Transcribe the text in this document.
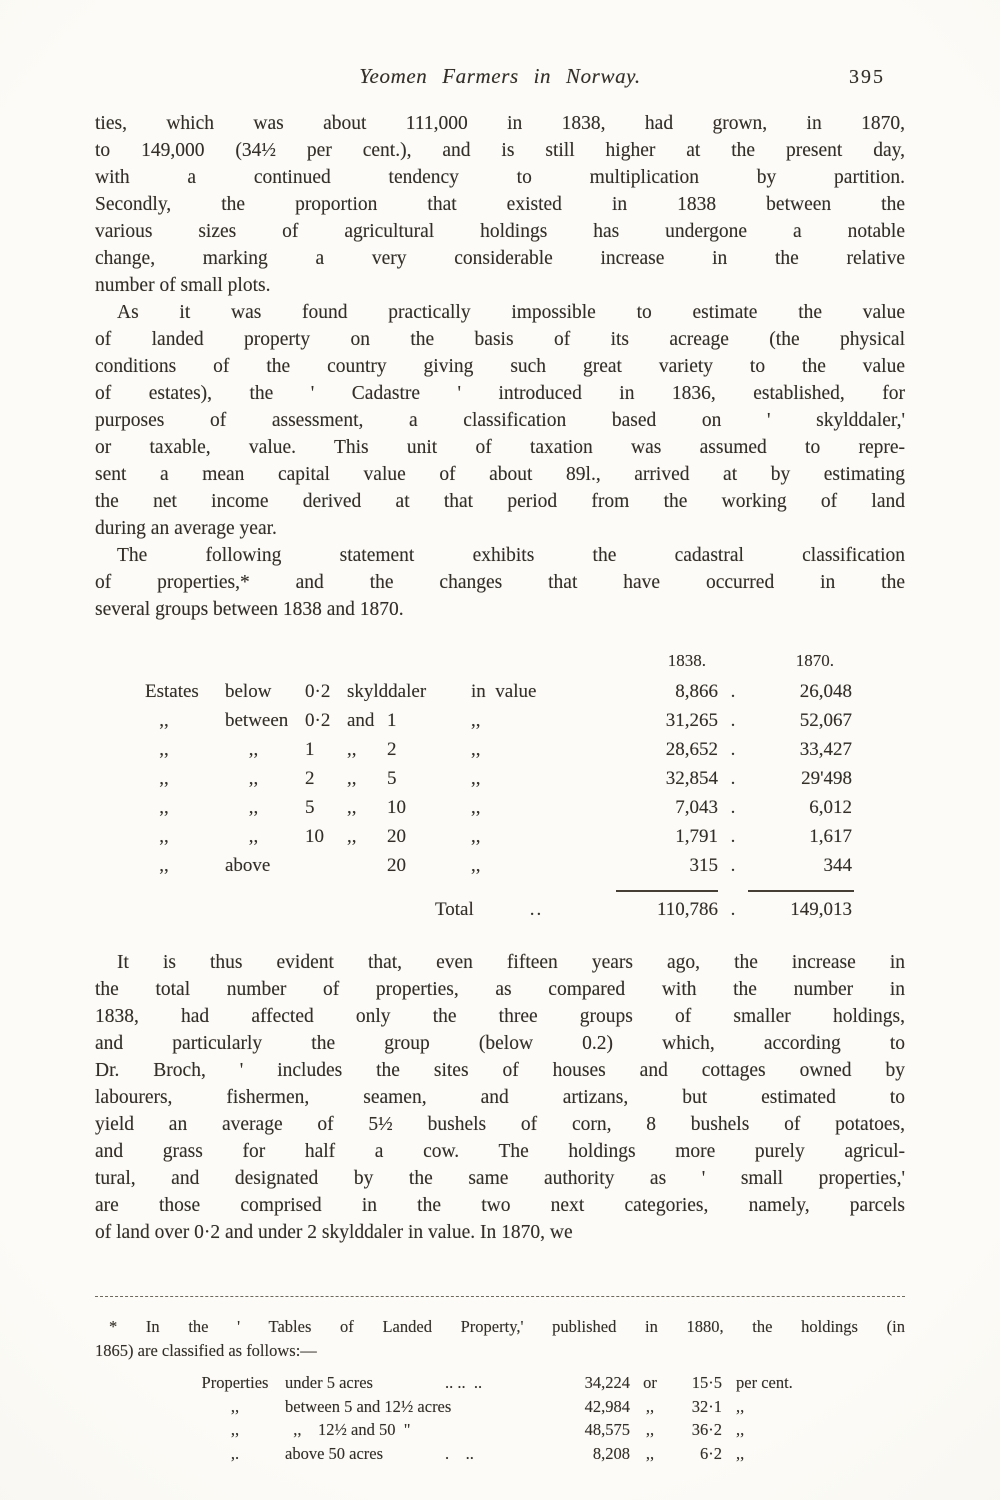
Yeomen Farmers in Norway.	395
ties, which was about 111,000 in 1838, had grown, in 1870,
to 149,000 (34½ per cent.), and is still higher at the present day,
with a continued tendency to multiplication by partition.
Secondly, the proportion that existed in 1838 between the
various sizes of agricultural holdings has undergone a notable
change, marking a very considerable increase in the relative
number of small plots.
As it was found practically impossible to estimate the value
of landed property on the basis of its acreage (the physical
conditions of the country giving such great variety to the value
of estates), the ' Cadastre ' introduced in 1836, established, for
purposes of assessment, a classification based on ' skylddaler,'
or taxable, value. This unit of taxation was assumed to repre-
sent a mean capital value of about 89l., arrived at by estimating
the net income derived at that period from the working of land
during an average year.
The following statement exhibits the cadastral classification
of properties,* and the changes that have occurred in the
several groups between 1838 and 1870.
1838.	1870.
Estates	below	0·2 skylddaler	in  value	8,866 .	26,048
,,	between 0·2 and 1	,,	31,265 .	52,067
,,	,,	1	,,	2	,,	28,652 .	33,427
,,	,,	2	,,	5	,,	32,854 .	29'498
,,	,,	5	,,	10	,,	7,043 .	6,012
,,	,,	10	,,	20	,,	1,791 .	1,617
,,	above	20	,,	315 .	344
Total	..	110,786 .	149,013
It is thus evident that, even fifteen years ago, the increase in
the total number of properties, as compared with the number in
1838, had affected only the three groups of smaller holdings,
and particularly the group (below 0.2) which, according to
Dr. Broch, ' includes the sites of houses and cottages owned by
labourers, fishermen, seamen, and artizans, but estimated to
yield an average of 5½ bushels of corn, 8 bushels of potatoes,
and grass for half a cow. The holdings more purely agricul-
tural, and designated by the same authority as ' small properties,'
are those comprised in the two next categories, namely, parcels
of land over 0·2 and under 2 skylddaler in value. In 1870, we
* In the ' Tables of Landed Property,' published in 1880, the holdings (in
1865) are classified as follows:—
Properties	under 5 acres	.. ..  ..	34,224 or	15·5 per cent.
,,	between 5 and 12½ acres	42,984 ,,	32·1 ,,
,,	,,    12½ and 50  "	48,575 ,,	36·2 ,,
,.	above 50 acres	.    ..	8,208 ,,	6·2 ,,
